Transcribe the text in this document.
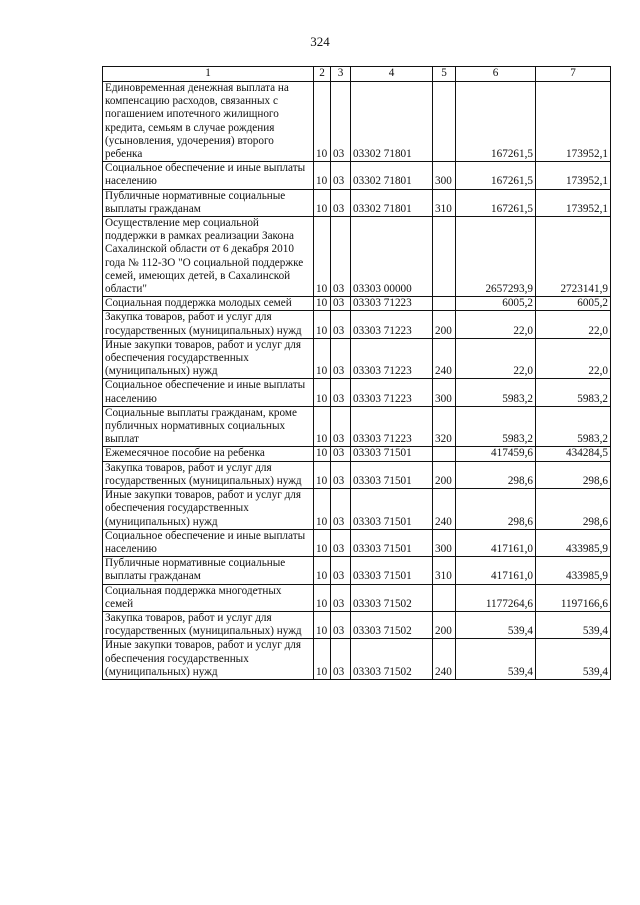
324
1	2	3	4	5	6	7
Единовременная денежная выплата на компенсацию расходов, связанных с погашением ипотечного жилищного кредита, семьям в случае рождения (усыновления, удочерения) второго ребенка	10	03	03302 71801		167261,5	173952,1
Социальное обеспечение и иные выплаты населению	10	03	03302 71801	300	167261,5	173952,1
Публичные нормативные социальные выплаты гражданам	10	03	03302 71801	310	167261,5	173952,1
Осуществление мер социальной поддержки в рамках реализации Закона Сахалинской области от 6 декабря 2010 года № 112-ЗО "О социальной поддержке семей, имеющих детей, в Сахалинской области"	10	03	03303 00000		2657293,9	2723141,9
Социальная поддержка молодых семей	10	03	03303 71223		6005,2	6005,2
Закупка товаров, работ и услуг для государственных (муниципальных) нужд	10	03	03303 71223	200	22,0	22,0
Иные закупки товаров, работ и услуг для обеспечения государственных (муниципальных) нужд	10	03	03303 71223	240	22,0	22,0
Социальное обеспечение и иные выплаты населению	10	03	03303 71223	300	5983,2	5983,2
Социальные выплаты гражданам, кроме публичных нормативных социальных выплат	10	03	03303 71223	320	5983,2	5983,2
Ежемесячное пособие на ребенка	10	03	03303 71501		417459,6	434284,5
Закупка товаров, работ и услуг для государственных (муниципальных) нужд	10	03	03303 71501	200	298,6	298,6
Иные закупки товаров, работ и услуг для обеспечения государственных (муниципальных) нужд	10	03	03303 71501	240	298,6	298,6
Социальное обеспечение и иные выплаты населению	10	03	03303 71501	300	417161,0	433985,9
Публичные нормативные социальные выплаты гражданам	10	03	03303 71501	310	417161,0	433985,9
Социальная поддержка многодетных семей	10	03	03303 71502		1177264,6	1197166,6
Закупка товаров, работ и услуг для государственных (муниципальных) нужд	10	03	03303 71502	200	539,4	539,4
Иные закупки товаров, работ и услуг для обеспечения государственных (муниципальных) нужд	10	03	03303 71502	240	539,4	539,4
